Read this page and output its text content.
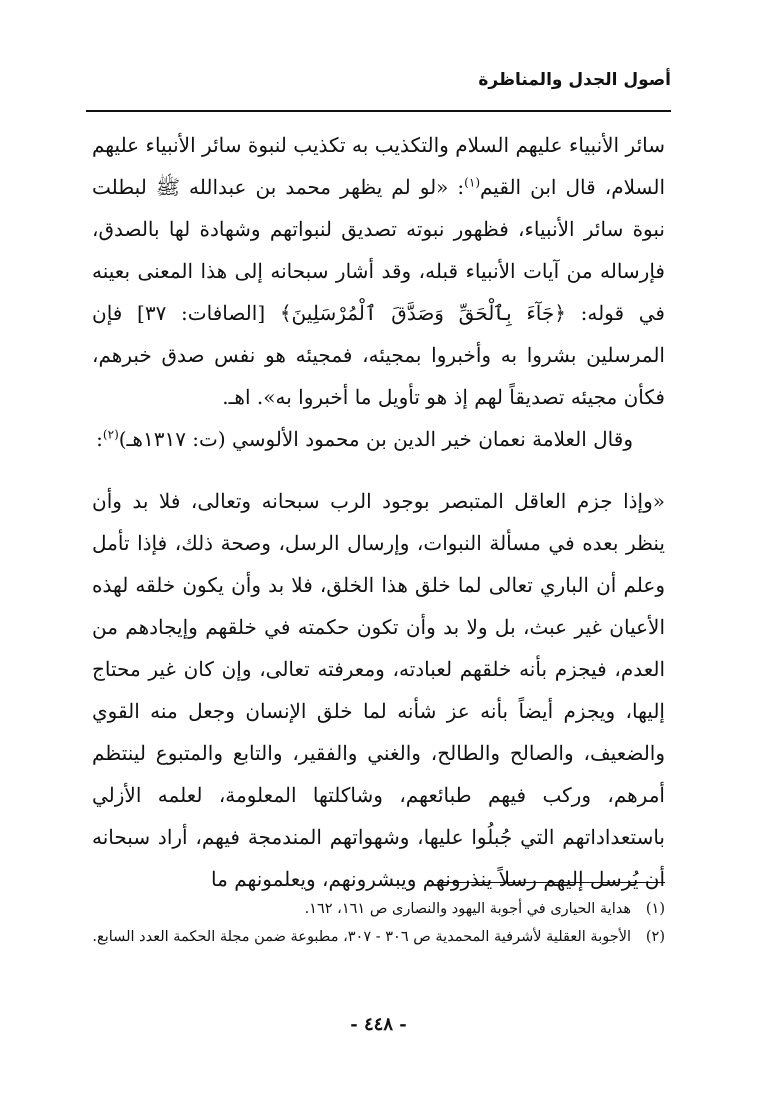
أصول الجدل والمناظرة

سائر الأنبياء عليهم السلام والتكذيب به تكذيب لنبوة سائر الأنبياء عليهم السلام، قال ابن القيم$^{(١)}$: «لو لم يظهر محمد بن عبدالله ﷺ لبطلت نبوة سائر الأنبياء، فظهور نبوته تصديق لنبواتهم وشهادة لها بالصدق، فإرساله من آيات الأنبياء قبله، وقد أشار سبحانه إلى هذا المعنى بعينه في قوله: ﴿جَآءَ بِٱلْحَقِّ وَصَدَّقَ ٱلْمُرْسَلِينَ﴾ [الصافات: ٣٧] فإن المرسلين بشروا به وأخبروا بمجيئه، فمجيئه هو نفس صدق خبرهم، فكأن مجيئه تصديقاً لهم إذ هو تأويل ما أخبروا به». اهـ.

وقال العلامة نعمان خير الدين بن محمود الألوسي (ت: ١٣١٧هـ)$^{(٢)}$:

«وإذا جزم العاقل المتبصر بوجود الرب سبحانه وتعالى، فلا بد وأن ينظر بعده في مسألة النبوات، وإرسال الرسل، وصحة ذلك، فإذا تأمل وعلم أن الباري تعالى لما خلق هذا الخلق، فلا بد وأن يكون خلقه لهذه الأعيان غير عبث، بل ولا بد وأن تكون حكمته في خلقهم وإيجادهم من العدم، فيجزم بأنه خلقهم لعبادته، ومعرفته تعالى، وإن كان غير محتاج إليها، ويجزم أيضاً بأنه عز شأنه لما خلق الإنسان وجعل منه القوي والضعيف، والصالح والطالح، والغني والفقير، والتابع والمتبوع لينتظم أمرهم، وركب فيهم طبائعهم، وشاكلتها المعلومة، لعلمه الأزلي باستعداداتهم التي جُبلُوا عليها، وشهواتهم المندمجة فيهم، أراد سبحانه أن يُرسل إليهم رسلاً ينذرونهم ويبشرونهم، ويعلمونهم ما

(١)
هداية الحيارى في أجوبة اليهود والنصارى ص ١٦١، ١٦٢.
(٢)
الأجوبة العقلية لأشرفية المحمدية ص ٣٠٦ - ٣٠٧، مطبوعة ضمن مجلة الحكمة العدد السابع.
- ٤٤٨ -
